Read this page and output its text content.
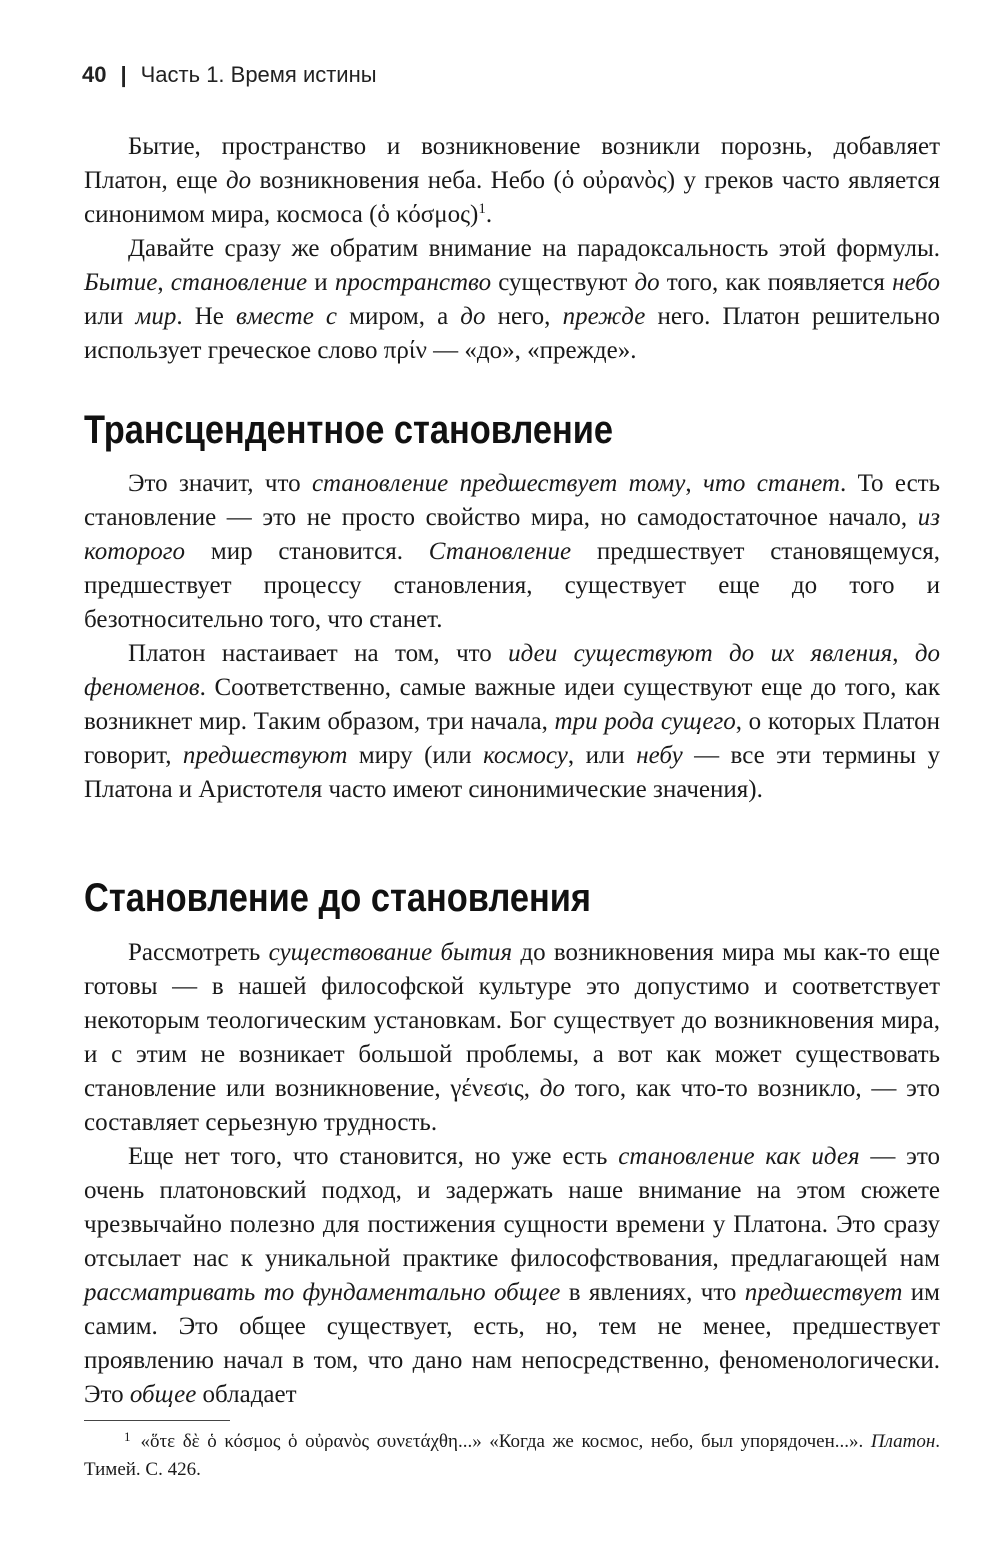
40 | Часть 1. Время истины

Бытие, пространство и возникновение возникли порознь, добавляет Платон, еще до возникновения неба. Небо (ὁ οὐρανὸς) у греков часто является синонимом мира, космоса (ὁ κόσμος)$^1$.

Давайте сразу же обратим внимание на парадоксальность этой формулы. Бытие, становление и пространство существуют до того, как появляется небо или мир. Не вместе с миром, а до него, прежде него. Платон решительно использует греческое слово πρίν — «до», «прежде».

Трансцендентное становление

Это значит, что становление предшествует тому, что станет. То есть становление — это не просто свойство мира, но самодостаточное начало, из которого мир становится. Становление предшествует становящемуся, предшествует процессу становления, существует еще до того и безотносительно того, что станет.

Платон настаивает на том, что идеи существуют до их явления, до феноменов. Соответственно, самые важные идеи существуют еще до того, как возникнет мир. Таким образом, три начала, три рода сущего, о которых Платон говорит, предшествуют миру (или космосу, или небу — все эти термины у Платона и Аристотеля часто имеют синонимические значения).

Становление до становления

Рассмотреть существование бытия до возникновения мира мы как-то еще готовы — в нашей философской культуре это допустимо и соответствует некоторым теологическим установкам. Бог существует до возникновения мира, и с этим не возникает большой проблемы, а вот как может существовать становление или возникновение, γένεσις, до того, как что-то возникло, — это составляет серьезную трудность.

Еще нет того, что становится, но уже есть становление как идея — это очень платоновский подход, и задержать наше внимание на этом сюжете чрезвычайно полезно для постижения сущности времени у Платона. Это сразу отсылает нас к уникальной практике философствования, предлагающей нам рассматривать то фундаментально общее в явлениях, что предшествует им самим. Это общее существует, есть, но, тем не менее, предшествует проявлению начал в том, что дано нам непосредственно, феноменологически. Это общее обладает

$^1$ «ὅτε δὲ ὁ κόσμος ὁ οὐρανὸς συνετάχθη...» «Когда же космос, небо, был упорядочен...». Платон. Тимей. С. 426.
